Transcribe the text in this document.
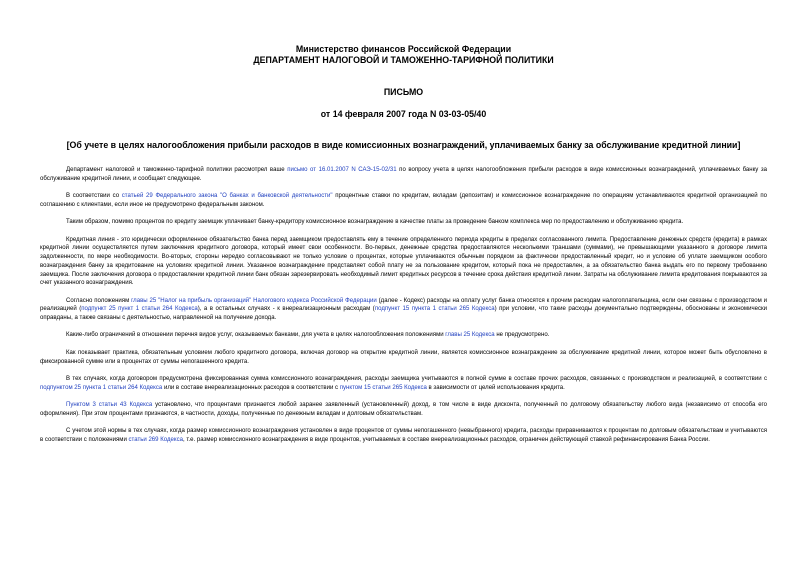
Министерство финансов Российской Федерации
ДЕПАРТАМЕНТ НАЛОГОВОЙ И ТАМОЖЕННО-ТАРИФНОЙ ПОЛИТИКИ
ПИСЬМО
от 14 февраля 2007 года N 03-03-05/40
[Об учете в целях налогообложения прибыли расходов в виде комиссионных вознаграждений, уплачиваемых банку за обслуживание кредитной линии]

Департамент налоговой и таможенно-тарифной политики рассмотрел ваше письмо от 16.01.2007 N САЭ-15-02/31 по вопросу учета в целях налогообложения прибыли расходов в виде комиссионных вознаграждений, уплачиваемых банку за обслуживание кредитной линии, и сообщает следующее.

В соответствии со статьей 29 Федерального закона "О банках и банковской деятельности" процентные ставки по кредитам, вкладам (депозитам) и комиссионное вознаграждение по операциям устанавливаются кредитной организацией по соглашению с клиентами, если иное не предусмотрено федеральным законом.

Таким образом, помимо процентов по кредиту заемщик уплачивает банку-кредитору комиссионное вознаграждение в качестве платы за проведение банком комплекса мер по предоставлению и обслуживанию кредита.

Кредитная линия - это юридически оформленное обязательство банка перед заемщиком предоставлять ему в течение определенного периода кредиты в пределах согласованного лимита. Предоставление денежных средств (кредита) в рамках кредитной линии осуществляется путем заключения кредитного договора, который имеет свои особенности. Во-первых, денежные средства предоставляются несколькими траншами (суммами), не превышающими указанного в договоре лимита задолженности, по мере необходимости. Во-вторых, стороны нередко согласовывают не только условие о процентах, которые уплачиваются обычным порядком за фактически предоставленный кредит, но и условие об уплате заемщиком особого вознаграждения банку за кредитование на условиях кредитной линии. Указанное вознаграждение представляет собой плату не за пользование кредитом, который пока не предоставлен, а за обязательство банка выдать его по первому требованию заемщика. После заключения договора о предоставлении кредитной линии банк обязан зарезервировать необходимый лимит кредитных ресурсов в течение срока действия кредитной линии. Затраты на обслуживание лимита кредитования покрываются за счет указанного вознаграждения.

Согласно положениям главы 25 "Налог на прибыль организаций" Налогового кодекса Российской Федерации (далее - Кодекс) расходы на оплату услуг банка относятся к прочим расходам налогоплательщика, если они связаны с производством и реализацией (подпункт 25 пункт 1 статьи 264 Кодекса), а в остальных случаях - к внереализационным расходам (подпункт 15 пункта 1 статьи 265 Кодекса) при условии, что такие расходы документально подтверждены, обоснованы и экономически оправданы, а также связаны с деятельностью, направленной на получение дохода.

Какие-либо ограничений в отношении перечня видов услуг, оказываемых банками, для учета в целях налогообложения положениями главы 25 Кодекса не предусмотрено.

Как показывает практика, обязательным условием любого кредитного договора, включая договор на открытие кредитной линии, является комиссионное вознаграждение за обслуживание кредитной линии, которое может быть обусловлено в фиксированной сумме или в процентах от суммы непогашенного кредита.

В тех случаях, когда договором предусмотрена фиксированная сумма комиссионного вознаграждения, расходы заемщика учитываются в полной сумме в составе прочих расходов, связанных с производством и реализацией, в соответствии с подпунктом 25 пункта 1 статьи 264 Кодекса или в составе внереализационных расходов в соответствии с пунктом 15 статьи 265 Кодекса в зависимости от целей использования кредита.

Пунктом 3 статьи 43 Кодекса установлено, что процентами признается любой заранее заявленный (установленный) доход, в том числе в виде дисконта, полученный по долговому обязательству любого вида (независимо от способа его оформления). При этом процентами признаются, в частности, доходы, полученные по денежным вкладам и долговым обязательствам.

С учетом этой нормы в тех случаях, когда размер комиссионного вознаграждения установлен в виде процентов от суммы непогашенного (невыбранного) кредита, расходы приравниваются к процентам по долговым обязательствам и учитываются в соответствии с положениями статьи 269 Кодекса, т.е. размер комиссионного вознаграждения в виде процентов, учитываемых в составе внереализационных расходов, ограничен действующей ставкой рефинансирования Банка России.
